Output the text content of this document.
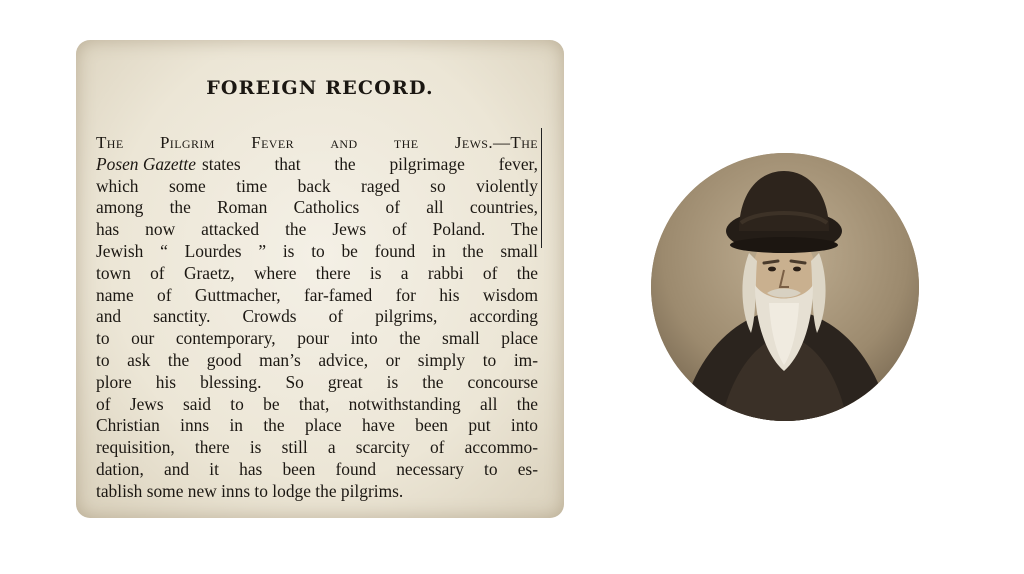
FOREIGN RECORD.
The Pilgrim Fever and the Jews.—The
Posen Gazette states that the pilgrimage fever,
which some time back raged so violently
among the Roman Catholics of all countries,
has now attacked the Jews of Poland. The
Jewish “ Lourdes ” is to be found in the small
town of Graetz, where there is a rabbi of the
name of Guttmacher, far-famed for his wisdom
and sanctity. Crowds of pilgrims, according
to our contemporary, pour into the small place
to ask the good man’s advice, or simply to im-
plore his blessing. So great is the concourse
of Jews said to be that, notwithstanding all the
Christian inns in the place have been put into
requisition, there is still a scarcity of accommo-
dation, and it has been found necessary to es-
tablish some new inns to lodge the pilgrims.
